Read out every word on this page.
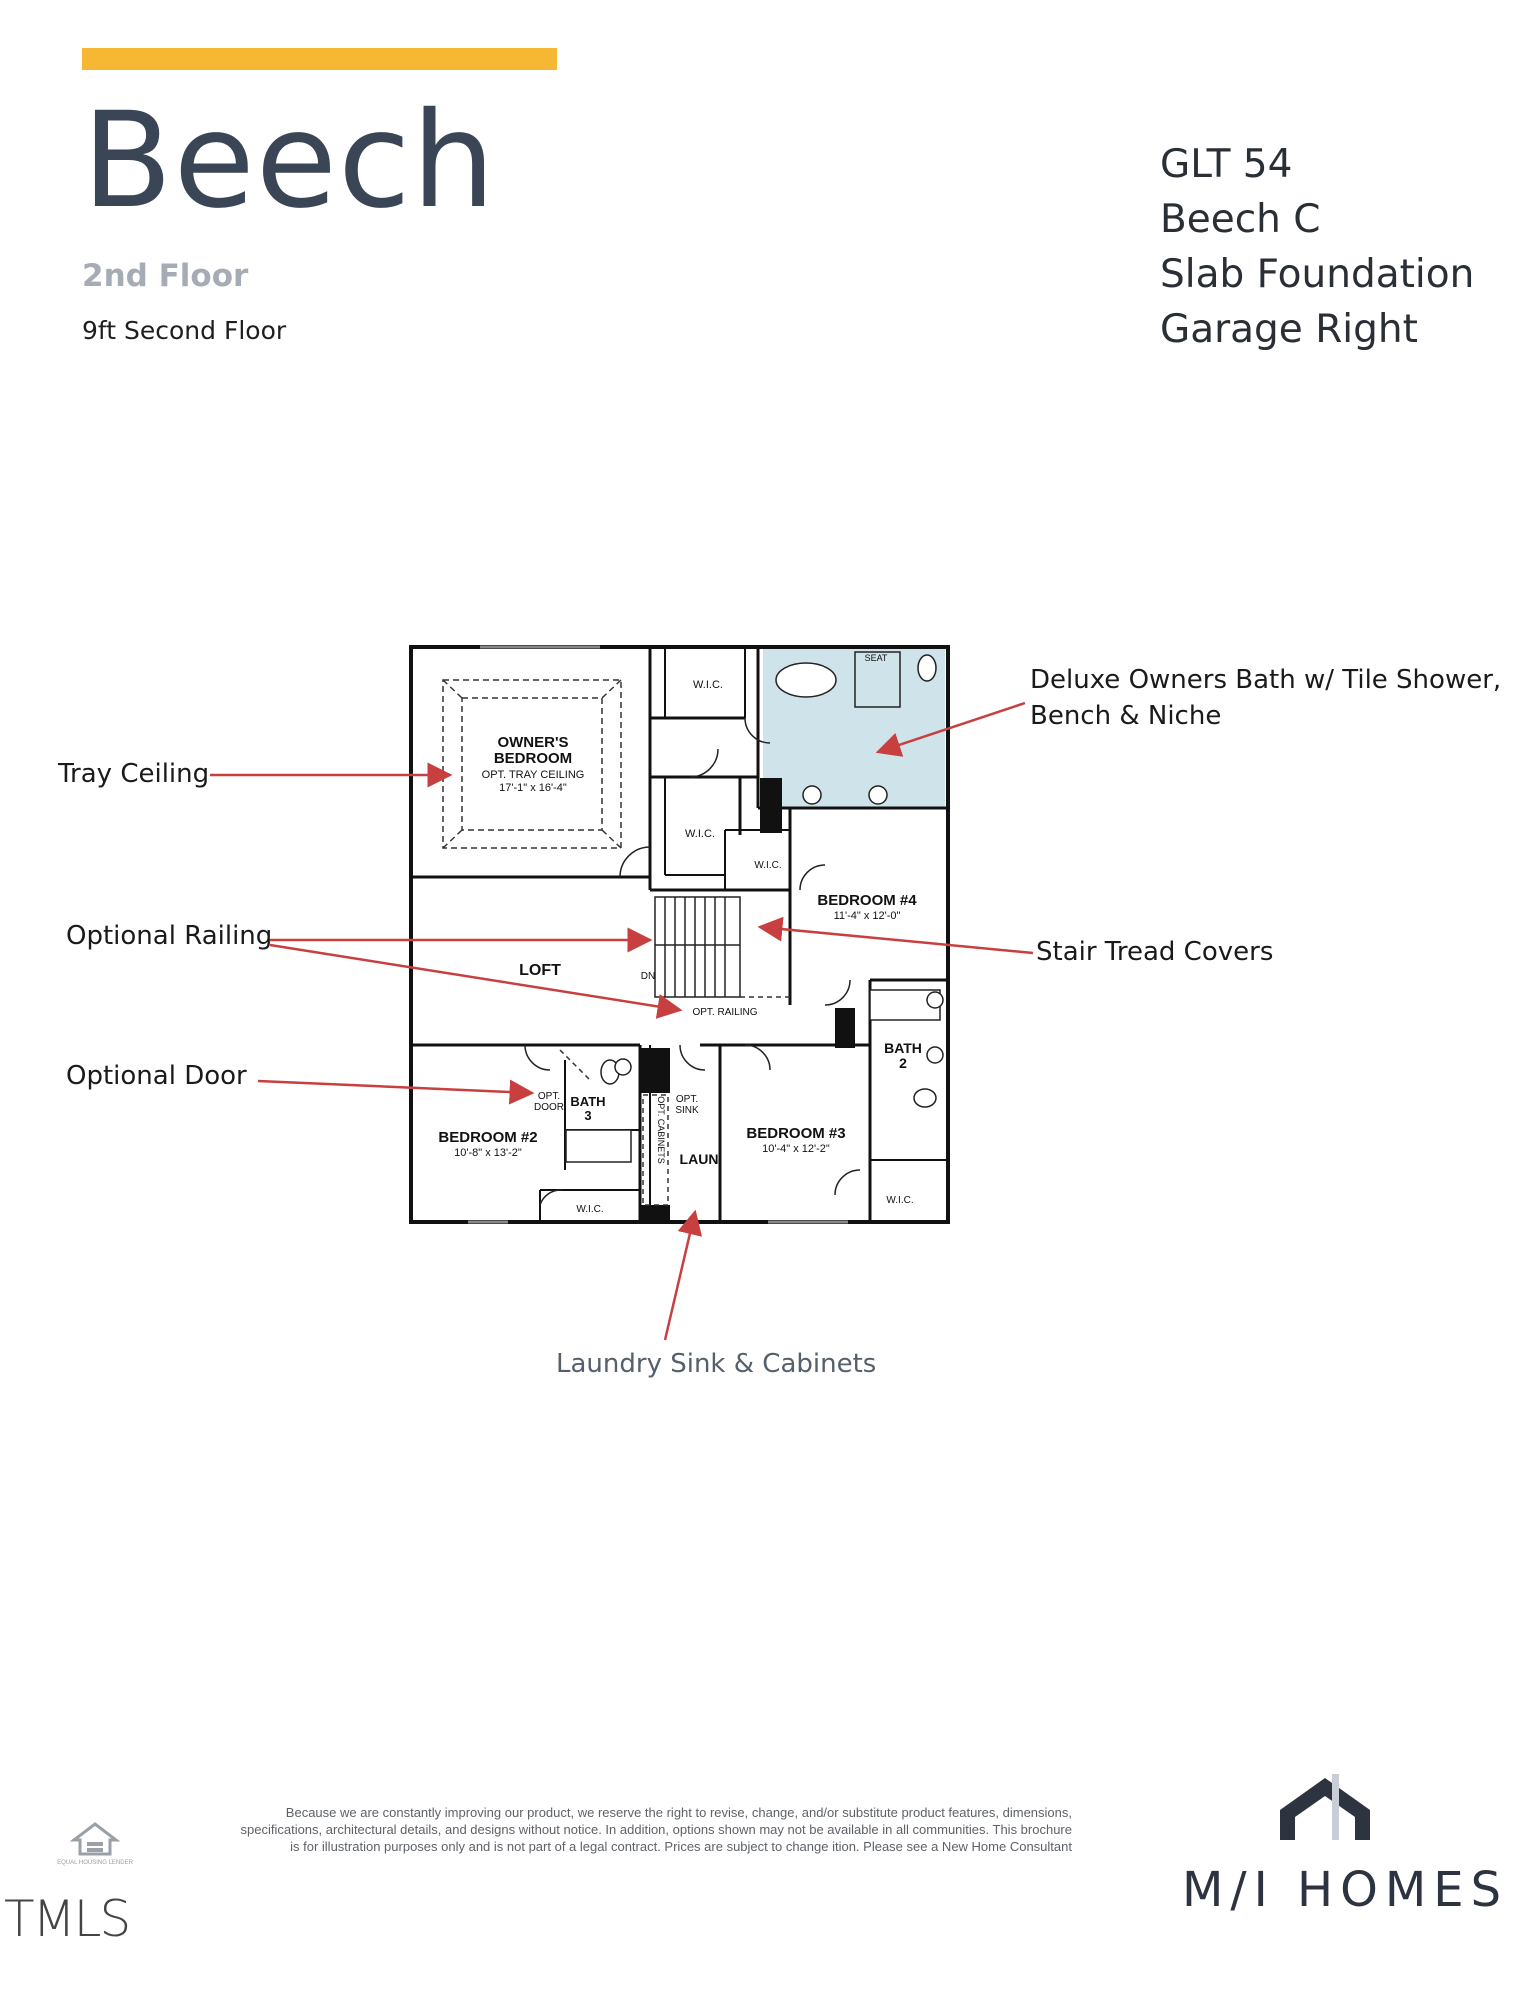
Beech
2nd Floor
9ft Second Floor
GLT 54
Beech C
Slab Foundation
Garage Right
Tray Ceiling
Optional Railing
Optional Door
Deluxe Owners Bath w/ Tile Shower,
Bench & Niche
Stair Tread Covers
Laundry Sink & Cabinets
OWNER'S
BEDROOM
OPT. TRAY CEILING
17'-1" x 16'-4"
W.I.C.
W.I.C.
W.I.C.
SEAT
BEDROOM #4
11'-4" x 12'-0"
LOFT	DN
OPT. RAILING
BATH
2
OPT.
DOOR BATH
3	OPT. CABINETS OPT.
SINK
LAUN
BEDROOM #2
10'-8" x 13'-2"
W.I.C.
BEDROOM #3
10'-4" x 12'-2"
W.I.C.
Because we are constantly improving our product, we reserve the right to revise, change, and/or substitute product features, dimensions, specifications, architectural details, and designs without notice. In addition, options shown may not be available in all communities. This brochure is for illustration purposes only and is not part of a legal contract. Prices are subject to change ition. Please see a New Home Consultant
EQUAL HOUSING LENDER
TMLS	M/I HOMES
